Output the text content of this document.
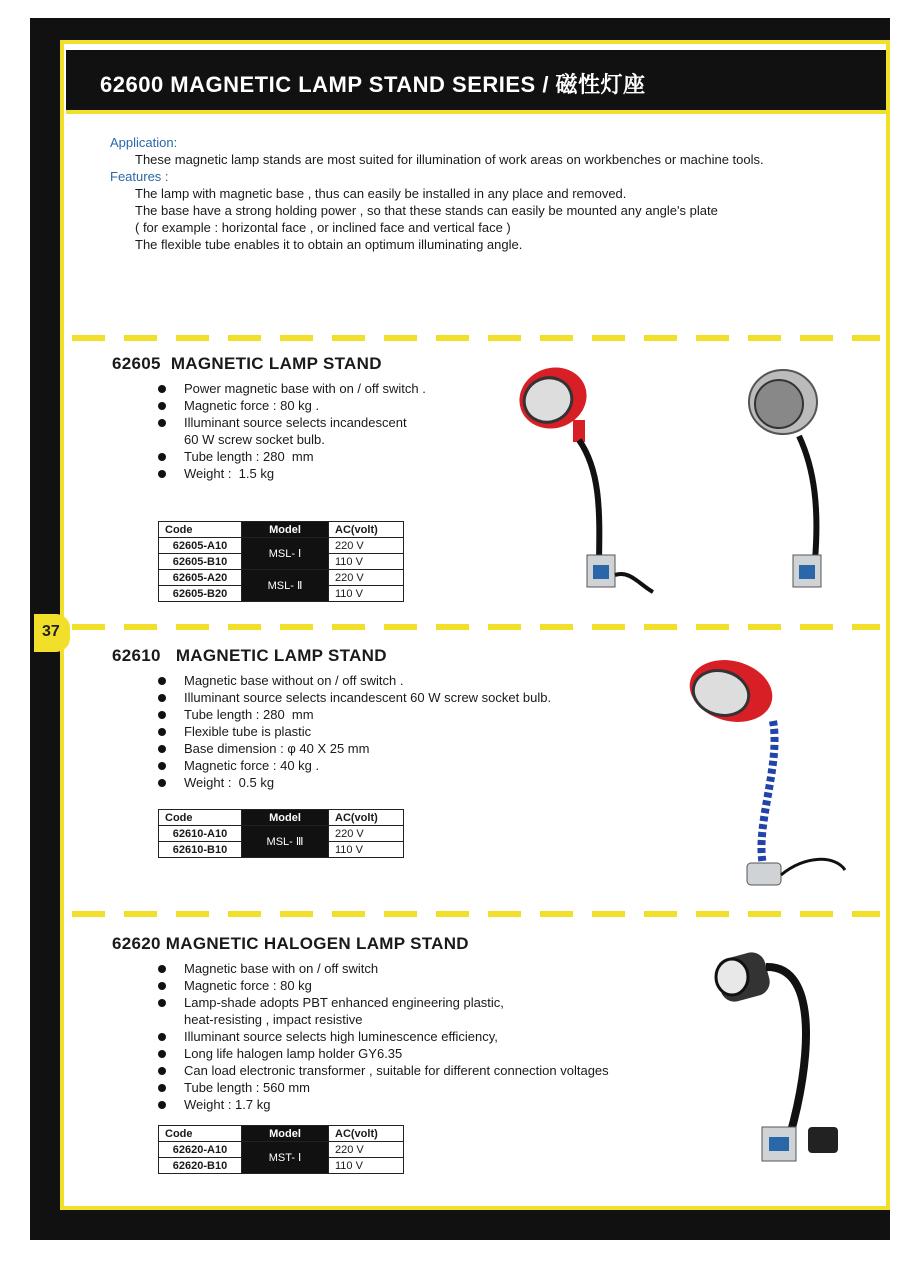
62600 MAGNETIC LAMP STAND SERIES / 磁性灯座
37
Application:
These magnetic lamp stands are most suited for illumination of work areas on workbenches or machine tools.
Features :
The lamp with magnetic base , thus can easily be installed in any place and removed.
The base have a strong holding power , so that these stands can easily be mounted any angle's plate
( for example : horizontal face , or inclined face and vertical face )
The flexible tube enables it to obtain an optimum illuminating angle.
62605  MAGNETIC LAMP STAND
Power magnetic base with on / off switch .
Magnetic force : 80 kg .
Illuminant source selects incandescent
60 W screw socket bulb.
Tube length : 280  mm
Weight :  1.5 kg
Code	Model	AC(volt)
62605-A10	MSL- Ⅰ	220 V
62605-B10		110 V
62605-A20	MSL- Ⅱ	220 V
62605-B20		110 V
62610   MAGNETIC LAMP STAND
Magnetic base without on / off switch .
Illuminant source selects incandescent 60 W screw socket bulb.
Tube length : 280  mm
Flexible tube is plastic
Base dimension : φ 40 X 25 mm
Magnetic force : 40 kg .
Weight :  0.5 kg
Code	Model	AC(volt)
62610-A10	MSL- Ⅲ	220 V
62610-B10		110 V
62620 MAGNETIC HALOGEN LAMP STAND
Magnetic base with on / off switch
Magnetic force : 80 kg
Lamp-shade adopts PBT enhanced engineering plastic,
heat-resisting , impact resistive
Illuminant source selects high luminescence efficiency,
Long life halogen lamp holder GY6.35
Can load electronic transformer , suitable for different connection voltages
Tube length : 560 mm
Weight : 1.7 kg
Code	Model	AC(volt)
62620-A10	MST- Ⅰ	220 V
62620-B10		110 V
